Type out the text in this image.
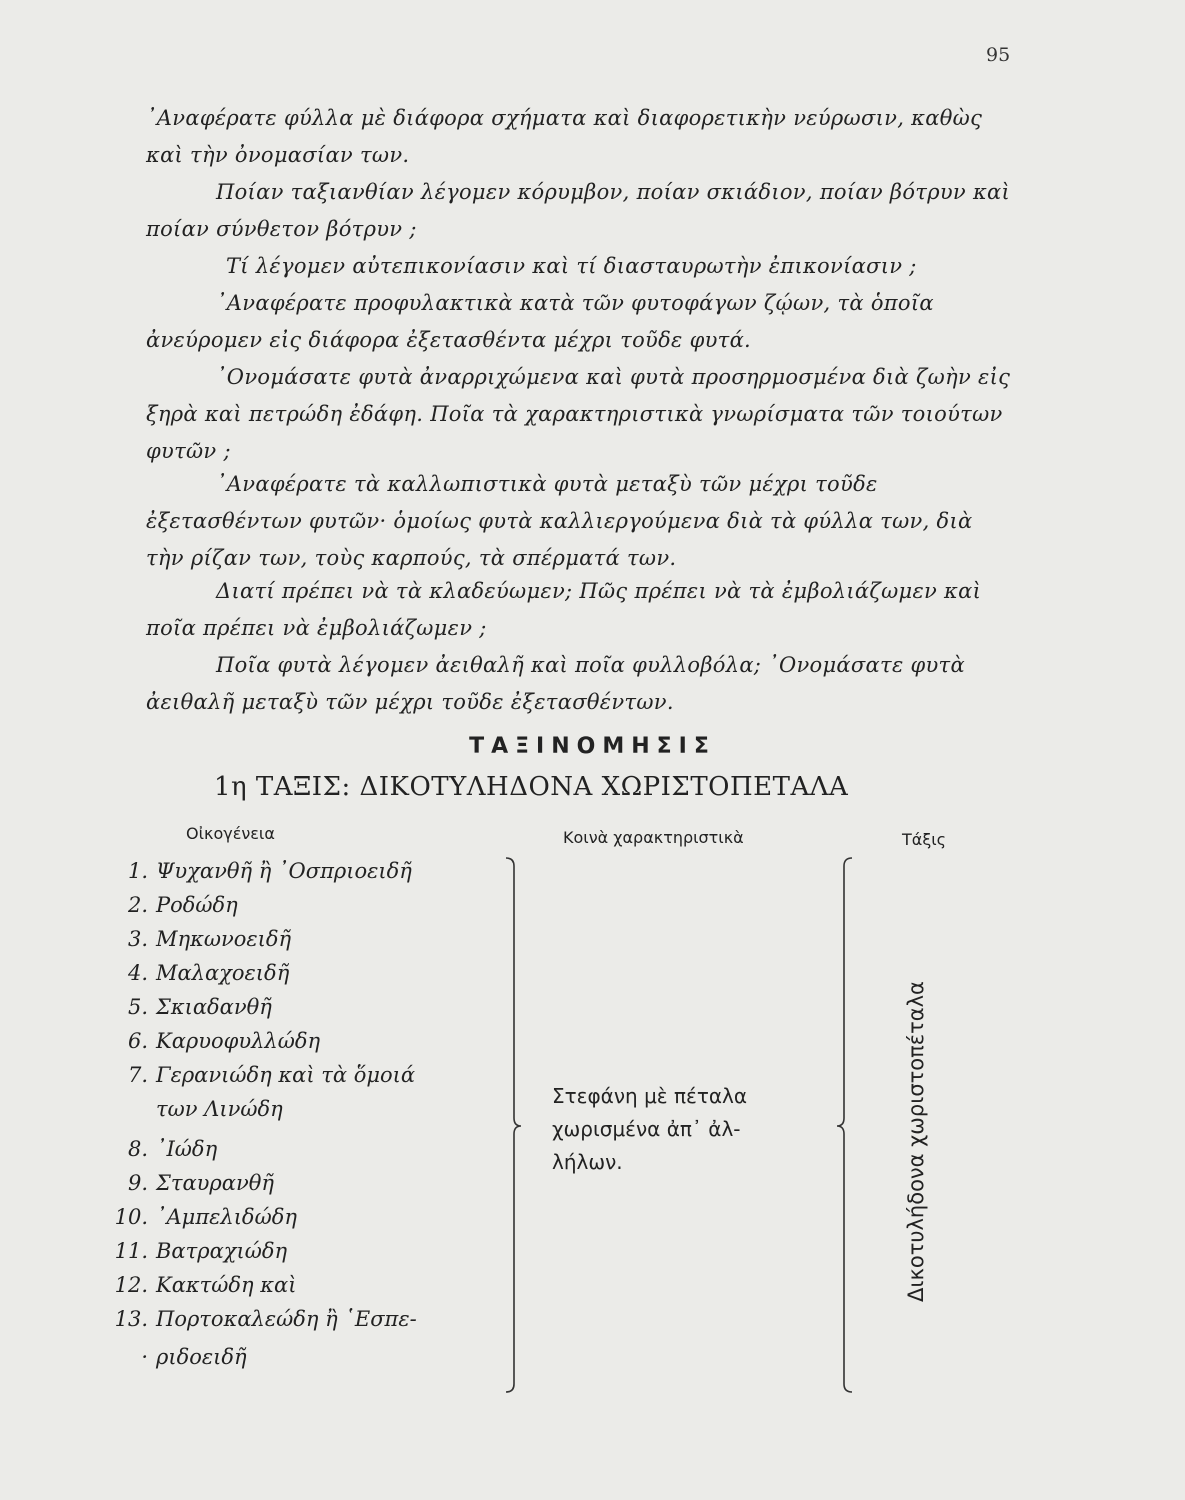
95
᾿Αναφέρατε φύλλα μὲ διάφορα σχήματα καὶ διαφορετικὴν νεύρωσιν, καθὼς καὶ τὴν ὀνομασίαν των.
Ποίαν ταξιανθίαν λέγομεν κόρυμβον, ποίαν σκιάδιον, ποίαν βότρυν καὶ ποίαν σύνθετον βότρυν ;
Τί λέγομεν αὐτεπικονίασιν καὶ τί διασταυρωτὴν ἐπικονίασιν ;
᾿Αναφέρατε προφυλακτικὰ κατὰ τῶν φυτοφάγων ζῴων, τὰ ὁποῖα ἀνεύρομεν εἰς διάφορα ἐξετασθέντα μέχρι τοῦδε φυτά.
᾿Ονομάσατε φυτὰ ἀναρριχώμενα καὶ φυτὰ προσηρμοσμένα διὰ ζωὴν εἰς ξηρὰ καὶ πετρώδη ἐδάφη. Ποῖα τὰ χαρακτηριστικὰ γνωρίσματα τῶν τοιούτων φυτῶν ;
᾿Αναφέρατε τὰ καλλωπιστικὰ φυτὰ μεταξὺ τῶν μέχρι τοῦδε ἐξετασθέντων φυτῶν· ὁμοίως φυτὰ καλλιεργούμενα διὰ τὰ φύλλα των, διὰ τὴν ρίζαν των, τοὺς καρπούς, τὰ σπέρματά των.
Διατί πρέπει νὰ τὰ κλαδεύωμεν; Πῶς πρέπει νὰ τὰ ἐμβολιάζωμεν καὶ ποῖα πρέπει νὰ ἐμβολιάζωμεν ;
Ποῖα φυτὰ λέγομεν ἀειθαλῆ καὶ ποῖα φυλλοβόλα; ᾿Ονομάσατε φυτὰ ἀειθαλῆ μεταξὺ τῶν μέχρι τοῦδε ἐξετασθέντων.
ΤΑΞΙΝΟΜΗΣΙΣ
1η ΤΑΞΙΣ: ΔΙΚΟΤΥΛΗΔΟΝΑ ΧΩΡΙΣΤΟΠΕΤΑΛΑ
Οἰκογένεια	Κοινὰ χαρακτηριστικὰ	Τάξις
1. Ψυχανθῆ ἢ ᾿Οσπριοειδῆ
2. Ροδώδη
3. Μηκωνοειδῆ
4. Μαλαχοειδῆ
5. Σκιαδανθῆ
6. Καρυοφυλλώδη
7. Γερανιώδη καὶ τὰ ὅμοιά
των Λινώδη
8. ᾿Ιώδη
9. Σταυρανθῆ
10. ᾿Αμπελιδώδη
11. Βατραχιώδη
12. Κακτώδη καὶ
13. Πορτοκαλεώδη ἢ ῾Εσπε-
· ριδοειδῆ
Στεφάνη μὲ πέταλα
χωρισμένα ἀπ᾿ ἀλ-
λήλων.	Δικοτυλήδονα χωριστοπέταλα
